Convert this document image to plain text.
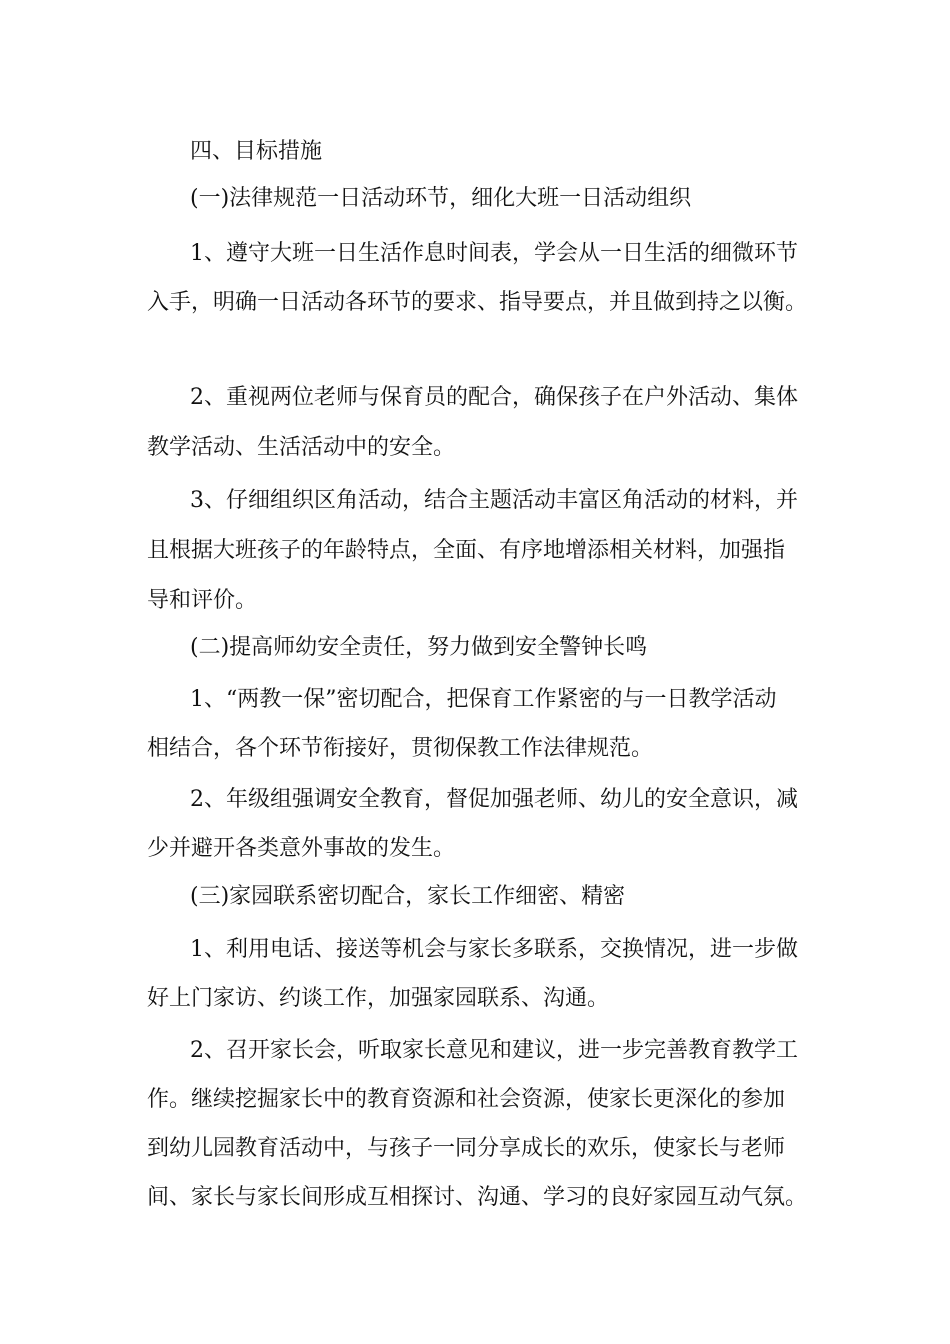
四、目标措施
(一)法律规范一日活动环节，细化大班一日活动组织
1、遵守大班一日生活作息时间表，学会从一日生活的细微环节
入手，明确一日活动各环节的要求、指导要点，并且做到持之以衡。
2、重视两位老师与保育员的配合，确保孩子在户外活动、集体
教学活动、生活活动中的安全。
3、仔细组织区角活动，结合主题活动丰富区角活动的材料，并
且根据大班孩子的年龄特点，全面、有序地增添相关材料，加强指
导和评价。
(二)提高师幼安全责任，努力做到安全警钟长鸣
1、“两教一保”密切配合，把保育工作紧密的与一日教学活动
相结合，各个环节衔接好，贯彻保教工作法律规范。
2、年级组强调安全教育，督促加强老师、幼儿的安全意识，减
少并避开各类意外事故的发生。
(三)家园联系密切配合，家长工作细密、精密
1、利用电话、接送等机会与家长多联系，交换情况，进一步做
好上门家访、约谈工作，加强家园联系、沟通。
2、召开家长会，听取家长意见和建议，进一步完善教育教学工
作。继续挖掘家长中的教育资源和社会资源，使家长更深化的参加
到幼儿园教育活动中，与孩子一同分享成长的欢乐，使家长与老师
间、家长与家长间形成互相探讨、沟通、学习的良好家园互动气氛。
